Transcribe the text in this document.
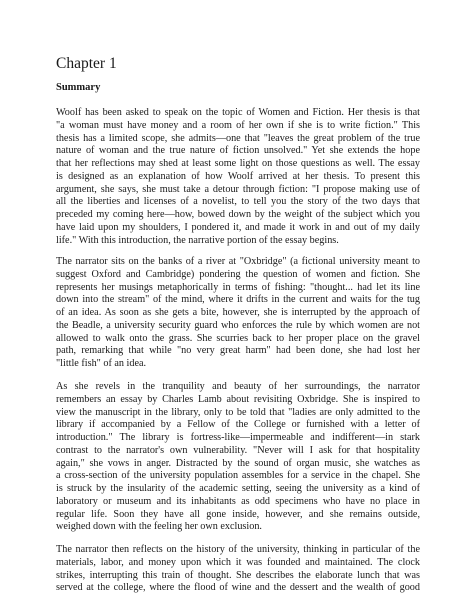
Chapter 1
Summary
Woolf has been asked to speak on the topic of Women and Fiction. Her thesis is that
"a woman must have money and a room of her own if she is to write fiction." This
thesis has a limited scope, she admits—one that "leaves the great problem of the true
nature of woman and the true nature of fiction unsolved." Yet she extends the hope
that her reflections may shed at least some light on those questions as well. The essay
is designed as an explanation of how Woolf arrived at her thesis. To present this
argument, she says, she must take a detour through fiction: "I propose making use of
all the liberties and licenses of a novelist, to tell you the story of the two days that
preceded my coming here—how, bowed down by the weight of the subject which you
have laid upon my shoulders, I pondered it, and made it work in and out of my daily
life." With this introduction, the narrative portion of the essay begins.
The narrator sits on the banks of a river at "Oxbridge" (a fictional university meant to
suggest Oxford and Cambridge) pondering the question of women and fiction. She
represents her musings metaphorically in terms of fishing: "thought... had let its line
down into the stream" of the mind, where it drifts in the current and waits for the tug
of an idea. As soon as she gets a bite, however, she is interrupted by the approach of
the Beadle, a university security guard who enforces the rule by which women are not
allowed to walk onto the grass. She scurries back to her proper place on the gravel
path, remarking that while "no very great harm" had been done, she had lost her
"little fish" of an idea.
As she revels in the tranquility and beauty of her surroundings, the narrator
remembers an essay by Charles Lamb about revisiting Oxbridge. She is inspired to
view the manuscript in the library, only to be told that "ladies are only admitted to the
library if accompanied by a Fellow of the College or furnished with a letter of
introduction." The library is fortress-like—impermeable and indifferent—in stark
contrast to the narrator's own vulnerability. "Never will I ask for that hospitality
again," she vows in anger. Distracted by the sound of organ music, she watches as
a cross-section of the university population assembles for a service in the chapel. She
is struck by the insularity of the academic setting, seeing the university as a kind of
laboratory or museum and its inhabitants as odd specimens who have no place in
regular life. Soon they have all gone inside, however, and she remains outside,
weighed down with the feeling her own exclusion.
The narrator then reflects on the history of the university, thinking in particular of the
materials, labor, and money upon which it was founded and maintained. The clock
strikes, interrupting this train of thought. She describes the elaborate lunch that was
served at the college, where the flood of wine and the dessert and the wealth of good
